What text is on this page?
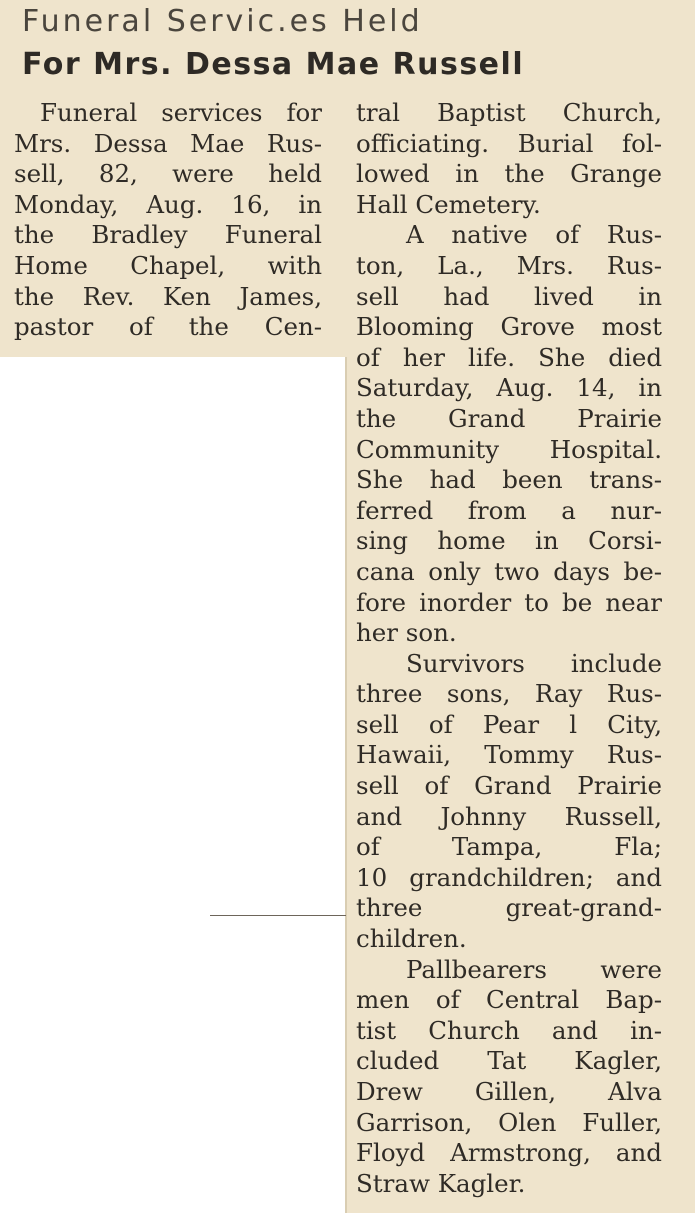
Funeral Servic.es Held
For Mrs. Dessa Mae Russell
Funeral services for
Mrs. Dessa Mae Rus-
sell, 82, were held
Monday, Aug. 16, in
the Bradley Funeral
Home Chapel, with
the Rev. Ken James,
pastor of the Cen-
tral Baptist Church,
officiating. Burial fol-
lowed in the Grange
Hall Cemetery.
A native of Rus-
ton, La., Mrs. Rus-
sell had lived in
Blooming Grove most
of her life. She died
Saturday, Aug. 14, in
the Grand Prairie
Community Hospital.
She had been trans-
ferred from a nur-
sing home in Corsi-
cana only two days be-
fore inorder to be near
her son.
Survivors include
three sons, Ray Rus-
sell of Pear l City,
Hawaii, Tommy Rus-
sell of Grand Prairie
and Johnny Russell,
of Tampa, Fla;
10 grandchildren; and
three great-grand-
children.
Pallbearers were
men of Central Bap-
tist Church and in-
cluded Tat Kagler,
Drew Gillen, Alva
Garrison, Olen Fuller,
Floyd Armstrong, and
Straw Kagler.
